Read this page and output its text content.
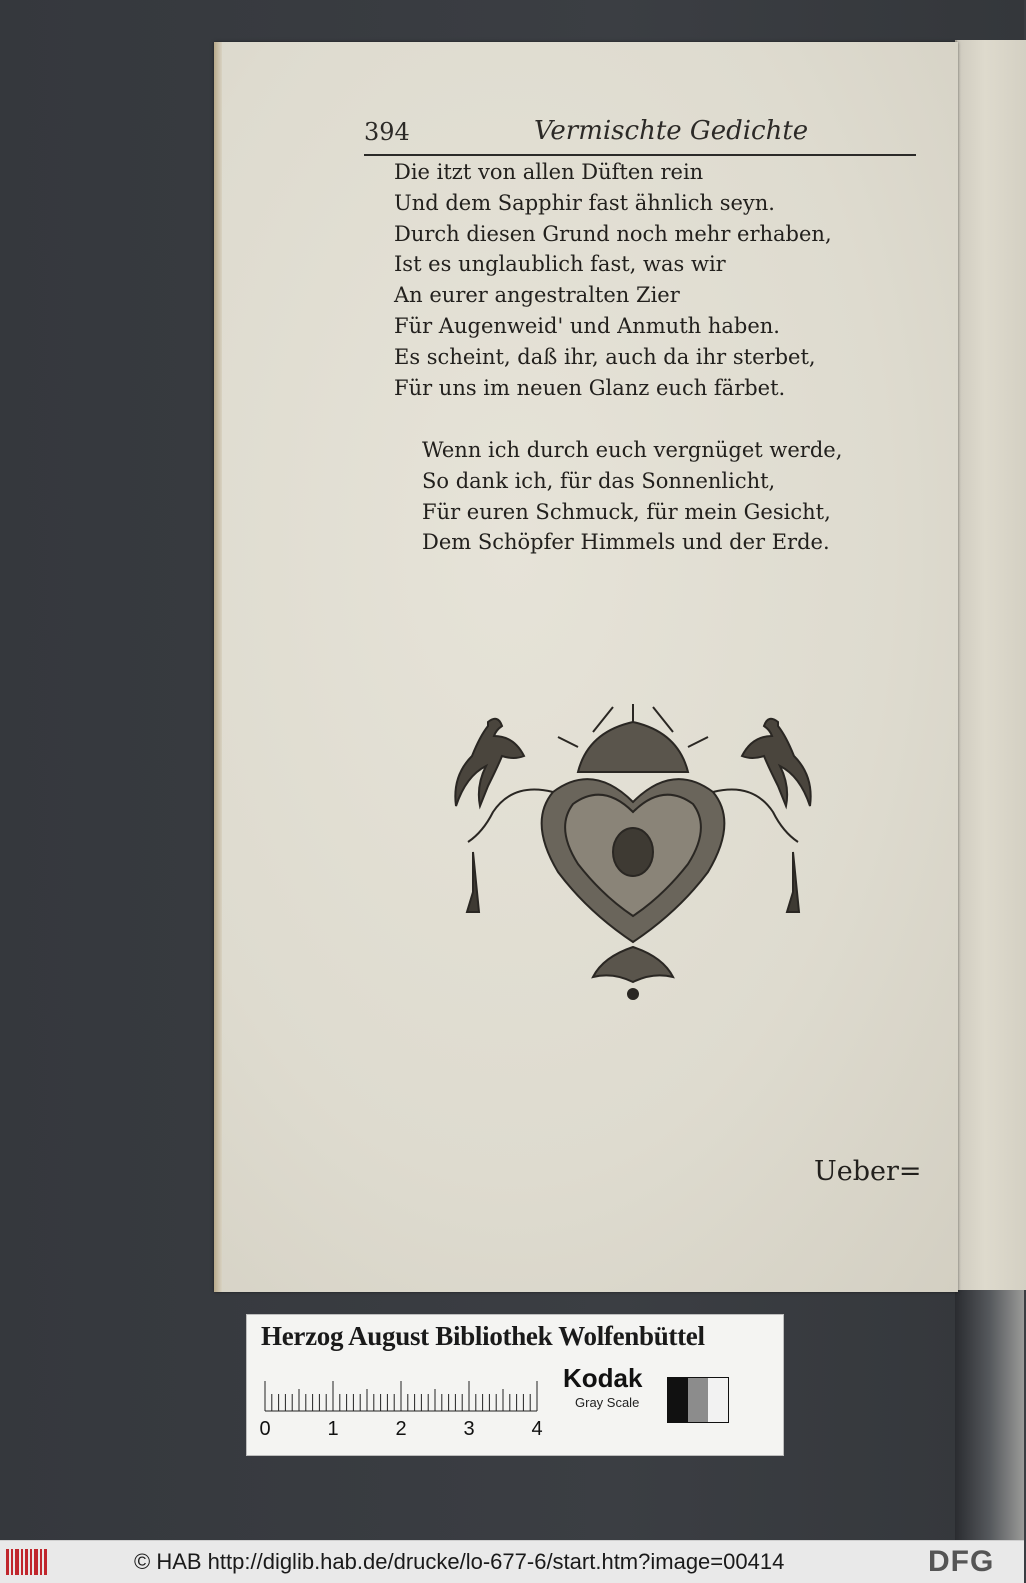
394	Vermischte Gedichte
Die itzt von allen Düften rein
Und dem Sapphir fast ähnlich seyn.
Durch diesen Grund noch mehr erhaben,
Ist es unglaublich fast, was wir
An eurer angestralten Zier
Für Augenweid' und Anmuth haben.
Es scheint, daß ihr, auch da ihr sterbet,
Für uns im neuen Glanz euch färbet.
Wenn ich durch euch vergnüget werde,
So dank ich, für das Sonnenlicht,
Für euren Schmuck, für mein Gesicht,
Dem Schöpfer Himmels und der Erde.
Ueber=
Herzog August Bibliothek Wolfenbüttel
0	1	2	3	4
Kodak
Gray Scale
© HAB http://diglib.hab.de/drucke/lo-677-6/start.htm?image=00414	DFG
